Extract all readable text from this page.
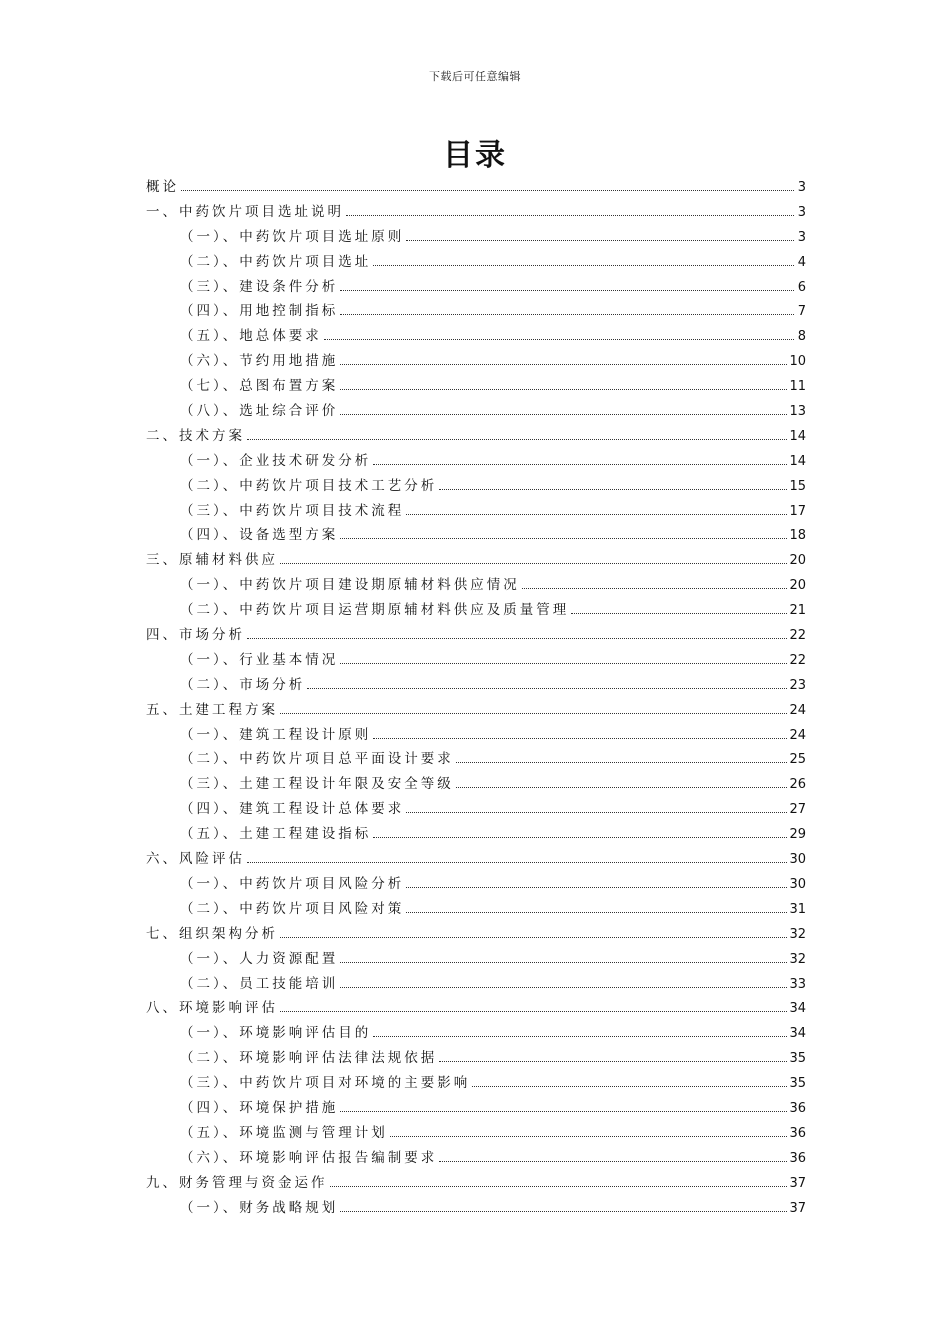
下载后可任意编辑
目录
概论	3
一、中药饮片项目选址说明	3
（一）、中药饮片项目选址原则	3
（二）、中药饮片项目选址	4
（三）、建设条件分析	6
（四）、用地控制指标	7
（五）、地总体要求	8
（六）、节约用地措施	10
（七）、总图布置方案	11
（八）、选址综合评价	13
二、技术方案	14
（一）、企业技术研发分析	14
（二）、中药饮片项目技术工艺分析	15
（三）、中药饮片项目技术流程	17
（四）、设备选型方案	18
三、原辅材料供应	20
（一）、中药饮片项目建设期原辅材料供应情况	20
（二）、中药饮片项目运营期原辅材料供应及质量管理	21
四、市场分析	22
（一）、行业基本情况	22
（二）、市场分析	23
五、土建工程方案	24
（一）、建筑工程设计原则	24
（二）、中药饮片项目总平面设计要求	25
（三）、土建工程设计年限及安全等级	26
（四）、建筑工程设计总体要求	27
（五）、土建工程建设指标	29
六、风险评估	30
（一）、中药饮片项目风险分析	30
（二）、中药饮片项目风险对策	31
七、组织架构分析	32
（一）、人力资源配置	32
（二）、员工技能培训	33
八、环境影响评估	34
（一）、环境影响评估目的	34
（二）、环境影响评估法律法规依据	35
（三）、中药饮片项目对环境的主要影响	35
（四）、环境保护措施	36
（五）、环境监测与管理计划	36
（六）、环境影响评估报告编制要求	36
九、财务管理与资金运作	37
（一）、财务战略规划	37
